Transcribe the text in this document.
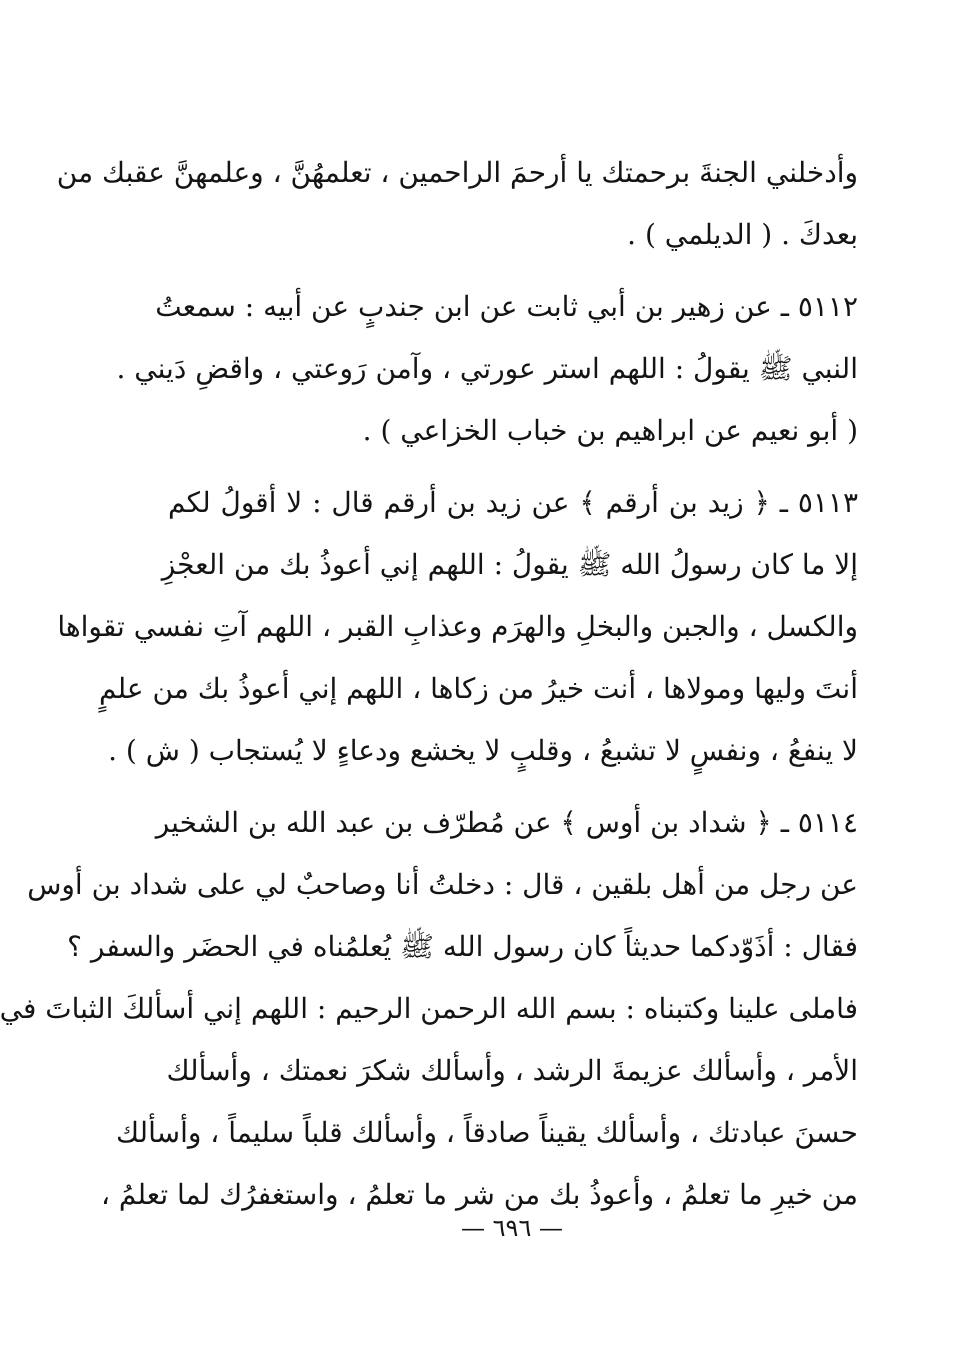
وأدخلني الجنةَ برحمتك يا أرحمَ الراحمين ، تعلمهُنَّ ، وعلمهنَّ عقبك من
بعدكَ . ( الديلمي ) .
٥١١٢ ـ عن زهير بن أبي ثابت عن ابن جندبٍ عن أبيه : سمعتُ
النبي ﷺ يقولُ : اللهم استر عورتي ، وآمن رَوعتي ، واقضِ دَيني .
( أبو نعيم عن ابراهيم بن خباب الخزاعي ) .
٥١١٣ ـ ﴿ زيد بن أرقم ﴾ عن زيد بن أرقم قال : لا أقولُ لكم
إلا ما كان رسولُ الله ﷺ يقولُ : اللهم إني أعوذُ بك من العجْزِ
والكسل ، والجبن والبخلِ والهرَم وعذابِ القبر ، اللهم آتِ نفسي تقواها
أنتَ وليها ومولاها ، أنت خيرُ من زكاها ، اللهم إني أعوذُ بك من علمٍ
لا ينفعُ ، ونفسٍ لا تشبعُ ، وقلبٍ لا يخشع ودعاءٍ لا يُستجاب ( ش ) .
٥١١٤ ـ ﴿ شداد بن أوس ﴾ عن مُطرّف بن عبد الله بن الشخير
عن رجل من أهل بلقين ، قال : دخلتُ أنا وصاحبٌ لي على شداد بن أوس
فقال : أذَوّدكما حديثاً كان رسول الله ﷺ يُعلمُناه في الحضَر والسفر ؟
فاملى علينا وكتبناه : بسم الله الرحمن الرحيم : اللهم إني أسألكَ الثباتَ في
الأمر ، وأسألك عزيمةَ الرشد ، وأسألك شكرَ نعمتك ، وأسألك
حسنَ عبادتك ، وأسألك يقيناً صادقاً ، وأسألك قلباً سليماً ، وأسألك
من خيرِ ما تعلمُ ، وأعوذُ بك من شر ما تعلمُ ، واستغفرُك لما تعلمُ ،
— ٦٩٦ —
